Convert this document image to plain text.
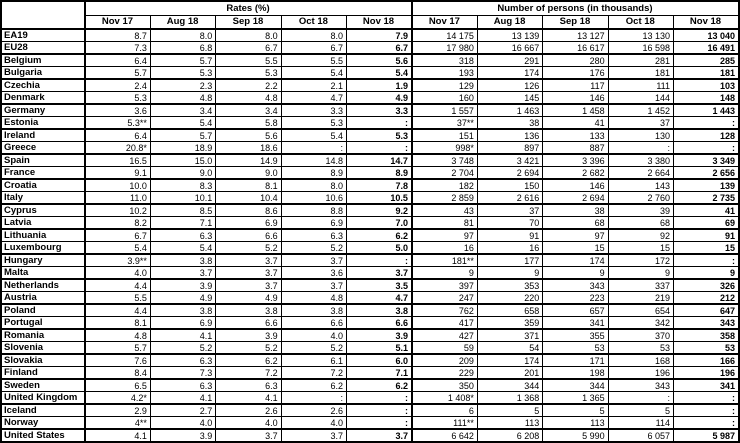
	Rates (%)					Number of persons (in thousands)				
	Nov 17	Aug 18	Sep 18	Oct 18	Nov 18	Nov 17	Aug 18	Sep 18	Oct 18	Nov 18
EA19	8.7	8.0	8.0	8.0	7.9	14 175	13 139	13 127	13 130	13 040
EU28	7.3	6.8	6.7	6.7	6.7	17 980	16 667	16 617	16 598	16 491
Belgium	6.4	5.7	5.5	5.5	5.6	318	291	280	281	285
Bulgaria	5.7	5.3	5.3	5.4	5.4	193	174	176	181	181
Czechia	2.4	2.3	2.2	2.1	1.9	129	126	117	111	103
Denmark	5.3	4.8	4.8	4.7	4.9	160	145	146	144	148
Germany	3.6	3.4	3.4	3.3	3.3	1 557	1 463	1 458	1 452	1 443
Estonia	5.3**	5.4	5.8	5.3	:	37**	38	41	37	:
Ireland	6.4	5.7	5.6	5.4	5.3	151	136	133	130	128
Greece	20.8*	18.9	18.6	:	:	998*	897	887	:	:
Spain	16.5	15.0	14.9	14.8	14.7	3 748	3 421	3 396	3 380	3 349
France	9.1	9.0	9.0	8.9	8.9	2 704	2 694	2 682	2 664	2 656
Croatia	10.0	8.3	8.1	8.0	7.8	182	150	146	143	139
Italy	11.0	10.1	10.4	10.6	10.5	2 859	2 616	2 694	2 760	2 735
Cyprus	10.2	8.5	8.6	8.8	9.2	43	37	38	39	41
Latvia	8.2	7.1	6.9	6.9	7.0	81	70	68	68	69
Lithuania	6.7	6.3	6.6	6.3	6.2	97	91	97	92	91
Luxembourg	5.4	5.4	5.2	5.2	5.0	16	16	15	15	15
Hungary	3.9**	3.8	3.7	3.7	:	181**	177	174	172	:
Malta	4.0	3.7	3.7	3.6	3.7	9	9	9	9	9
Netherlands	4.4	3.9	3.7	3.7	3.5	397	353	343	337	326
Austria	5.5	4.9	4.9	4.8	4.7	247	220	223	219	212
Poland	4.4	3.8	3.8	3.8	3.8	762	658	657	654	647
Portugal	8.1	6.9	6.6	6.6	6.6	417	359	341	342	343
Romania	4.8	4.1	3.9	4.0	3.9	427	371	355	370	358
Slovenia	5.7	5.2	5.2	5.2	5.1	59	54	53	53	53
Slovakia	7.6	6.3	6.2	6.1	6.0	209	174	171	168	166
Finland	8.4	7.3	7.2	7.2	7.1	229	201	198	196	196
Sweden	6.5	6.3	6.3	6.2	6.2	350	344	344	343	341
United Kingdom	4.2*	4.1	4.1	:	:	1 408*	1 368	1 365	:	:
Iceland	2.9	2.7	2.6	2.6	:	6	5	5	5	:
Norway	4**	4.0	4.0	4.0	:	111**	113	113	114	:
United States	4.1	3.9	3.7	3.7	3.7	6 642	6 208	5 990	6 057	5 987
